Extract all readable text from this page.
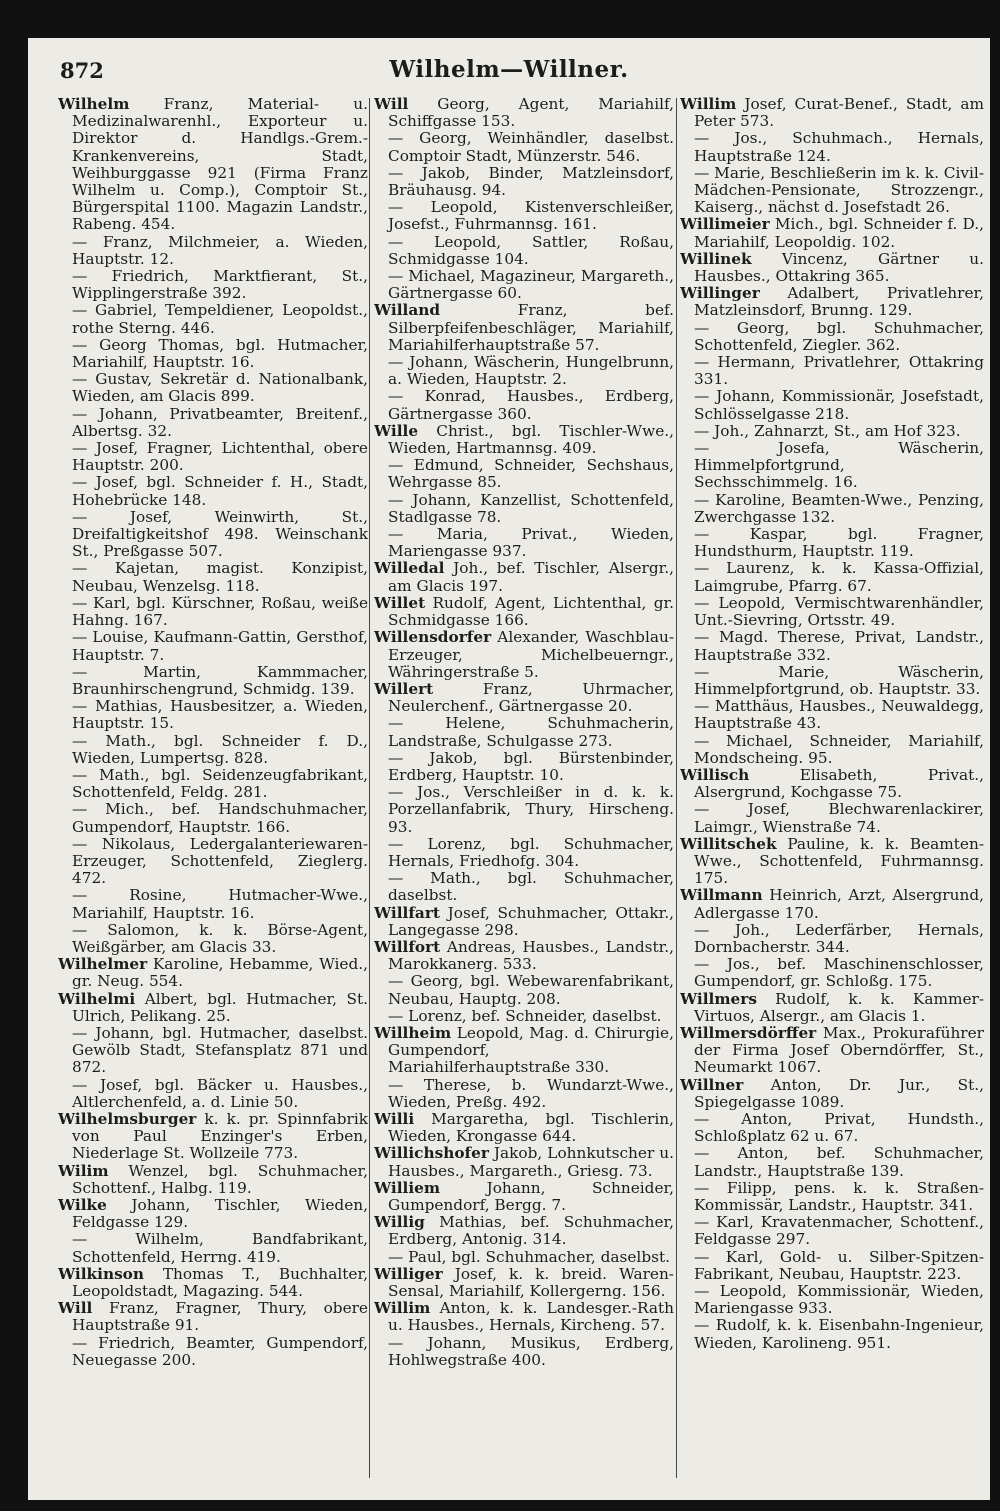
872	Wilhelm—Willner.

Wilhelm Franz, Material- u. Medizinalwarenhl., Exporteur u. Direktor d. Handlgs.-Grem.-Krankenvereins, Stadt, Weihburggasse 921 (Firma Franz Wilhelm u. Comp.), Comptoir St., Bürgerspital 1100. Magazin Landstr., Rabeng. 454.

— Franz, Milchmeier, a. Wieden, Hauptstr. 12.

— Friedrich, Marktfierant, St., Wipplingerstraße 392.

— Gabriel, Tempeldiener, Leopoldst., rothe Sterng. 446.

— Georg Thomas, bgl. Hutmacher, Mariahilf, Hauptstr. 16.

— Gustav, Sekretär d. Nationalbank, Wieden, am Glacis 899.

— Johann, Privatbeamter, Breitenf., Albertsg. 32.

— Josef, Fragner, Lichtenthal, obere Hauptstr. 200.

— Josef, bgl. Schneider f. H., Stadt, Hohebrücke 148.

— Josef, Weinwirth, St., Dreifaltigkeitshof 498. Weinschank St., Preßgasse 507.

— Kajetan, magist. Konzipist, Neubau, Wenzelsg. 118.

— Karl, bgl. Kürschner, Roßau, weiße Hahng. 167.

— Louise, Kaufmann-Gattin, Gersthof, Hauptstr. 7.

— Martin, Kammmacher, Braunhirschengrund, Schmidg. 139.

— Mathias, Hausbesitzer, a. Wieden, Hauptstr. 15.

— Math., bgl. Schneider f. D., Wieden, Lumpertsg. 828.

— Math., bgl. Seidenzeugfabrikant, Schottenfeld, Feldg. 281.

— Mich., bef. Handschuhmacher, Gumpendorf, Hauptstr. 166.

— Nikolaus, Ledergalanteriewaren-Erzeuger, Schottenfeld, Zieglerg. 472.

— Rosine, Hutmacher-Wwe., Mariahilf, Hauptstr. 16.

— Salomon, k. k. Börse-Agent, Weißgärber, am Glacis 33.

Wilhelmer Karoline, Hebamme, Wied., gr. Neug. 554.

Wilhelmi Albert, bgl. Hutmacher, St. Ulrich, Pelikang. 25.

— Johann, bgl. Hutmacher, daselbst. Gewölb Stadt, Stefansplatz 871 und 872.

— Josef, bgl. Bäcker u. Hausbes., Altlerchenfeld, a. d. Linie 50.

Wilhelmsburger k. k. pr. Spinnfabrik von Paul Enzinger's Erben, Niederlage St. Wollzeile 773.

Wilim Wenzel, bgl. Schuhmacher, Schottenf., Halbg. 119.

Wilke Johann, Tischler, Wieden, Feldgasse 129.

— Wilhelm, Bandfabrikant, Schottenfeld, Herrng. 419.

Wilkinson Thomas T., Buchhalter, Leopoldstadt, Magazing. 544.

Will Franz, Fragner, Thury, obere Hauptstraße 91.

— Friedrich, Beamter, Gumpendorf, Neuegasse 200.

Will Georg, Agent, Mariahilf, Schiffgasse 153.

— Georg, Weinhändler, daselbst. Comptoir Stadt, Münzerstr. 546.

— Jakob, Binder, Matzleinsdorf, Bräuhausg. 94.

— Leopold, Kistenverschleißer, Josefst., Fuhrmannsg. 161.

— Leopold, Sattler, Roßau, Schmidgasse 104.

— Michael, Magazineur, Margareth., Gärtnergasse 60.

Willand	Franz, bef. Silberpfeifenbeschläger, Mariahilf, Mariahilferhauptstraße 57.

— Johann, Wäscherin, Hungelbrunn, a. Wieden, Hauptstr. 2.

— Konrad, Hausbes., Erdberg, Gärtnergasse 360.

Wille Christ., bgl. Tischler-Wwe., Wieden, Hartmannsg. 409.

— Edmund, Schneider, Sechshaus, Wehrgasse 85.

— Johann, Kanzellist, Schottenfeld, Stadlgasse 78.

— Maria, Privat., Wieden, Mariengasse 937.

Willedal Joh., bef. Tischler, Alsergr., am Glacis 197.

Willet Rudolf, Agent, Lichtenthal, gr. Schmidgasse 166.

Willensdorfer Alexander, Waschblau-Erzeuger, Michelbeuerngr., Währingerstraße 5.

Willert	Franz, Uhrmacher, Neulerchenf., Gärtnergasse 20.

— Helene, Schuhmacherin, Landstraße, Schulgasse 273.

— Jakob, bgl. Bürstenbinder, Erdberg, Hauptstr. 10.

— Jos., Verschleißer in d. k. k. Porzellanfabrik, Thury, Hirscheng. 93.

— Lorenz, bgl. Schuhmacher, Hernals, Friedhofg. 304.

— Math., bgl. Schuhmacher, daselbst.

Willfart Josef, Schuhmacher, Ottakr., Langegasse 298.

Willfort Andreas, Hausbes., Landstr., Marokkanerg. 533.

— Georg, bgl. Webewarenfabrikant, Neubau, Hauptg. 208.

— Lorenz, bef. Schneider, daselbst.

Willheim Leopold, Mag. d. Chirurgie, Gumpendorf, Mariahilferhauptstraße 330.

— Therese, b. Wundarzt-Wwe., Wieden, Preßg. 492.

Willi Margaretha, bgl. Tischlerin, Wieden, Krongasse 644.

Willichshofer Jakob, Lohnkutscher u. Hausbes., Margareth., Griesg. 73.

Williem	Johann, Schneider, Gumpendorf, Bergg. 7.

Willig Mathias, bef. Schuhmacher, Erdberg, Antonig. 314.

— Paul, bgl. Schuhmacher, daselbst.

Williger Josef, k. k. breid. Waren-Sensal, Mariahilf, Kollergerng. 156.

Willim Anton, k. k. Landesger.-Rath u. Hausbes., Hernals, Kircheng. 57.

— Johann, Musikus, Erdberg, Hohlwegstraße 400.

Willim Josef, Curat-Benef., Stadt, am Peter 573.

— Jos., Schuhmach., Hernals, Hauptstraße 124.

— Marie, Beschließerin im k. k. Civil-Mädchen-Pensionate, Strozzengr., Kaiserg., nächst d. Josefstadt 26.

Willimeier Mich., bgl. Schneider f. D., Mariahilf, Leopoldig. 102.

Willinek Vincenz, Gärtner u. Hausbes., Ottakring 365.

Willinger Adalbert, Privatlehrer, Matzleinsdorf, Brunng. 129.

— Georg, bgl. Schuhmacher, Schottenfeld, Ziegler. 362.

— Hermann, Privatlehrer, Ottakring 331.

— Johann, Kommissionär, Josefstadt, Schlösselgasse 218.

— Joh., Zahnarzt, St., am Hof 323.

— Josefa, Wäscherin, Himmelpfortgrund, Sechsschimmelg. 16.

— Karoline, Beamten-Wwe., Penzing, Zwerchgasse 132.

— Kaspar, bgl. Fragner, Hundsthurm, Hauptstr. 119.

— Laurenz, k. k. Kassa-Offizial, Laimgrube, Pfarrg. 67.

— Leopold, Vermischtwarenhändler, Unt.-Sievring, Ortsstr. 49.

— Magd. Therese, Privat, Landstr., Hauptstraße 332.

— Marie, Wäscherin, Himmelpfortgrund, ob. Hauptstr. 33.

— Matthäus, Hausbes., Neuwaldegg, Hauptstraße 43.

— Michael, Schneider, Mariahilf, Mondscheing. 95.

Willisch	Elisabeth, Privat., Alsergrund, Kochgasse 75.

— Josef, Blechwarenlackirer, Laimgr., Wienstraße 74.

Willitschek Pauline, k. k. Beamten-Wwe., Schottenfeld, Fuhrmannsg. 175.

Willmann Heinrich, Arzt, Alsergrund, Adlergasse 170.

— Joh., Lederfärber, Hernals, Dornbacherstr. 344.

— Jos., bef. Maschinenschlosser, Gumpendorf, gr. Schloßg. 175.

Willmers Rudolf, k. k. Kammer-Virtuos, Alsergr., am Glacis 1.

Willmersdörffer Max., Prokuraführer der Firma Josef Oberndörffer, St., Neumarkt 1067.

Willner Anton, Dr. Jur., St., Spiegelgasse 1089.

— Anton, Privat, Hundsth., Schloßplatz 62 u. 67.

— Anton, bef. Schuhmacher, Landstr., Hauptstraße 139.

— Filipp, pens. k. k. Straßen-Kommissär, Landstr., Hauptstr. 341.

— Karl, Kravatenmacher, Schottenf., Feldgasse 297.

— Karl, Gold- u. Silber-Spitzen-Fabrikant, Neubau, Hauptstr. 223.

— Leopold, Kommissionär, Wieden, Mariengasse 933.

— Rudolf, k. k. Eisenbahn-Ingenieur, Wieden, Karolineng. 951.
